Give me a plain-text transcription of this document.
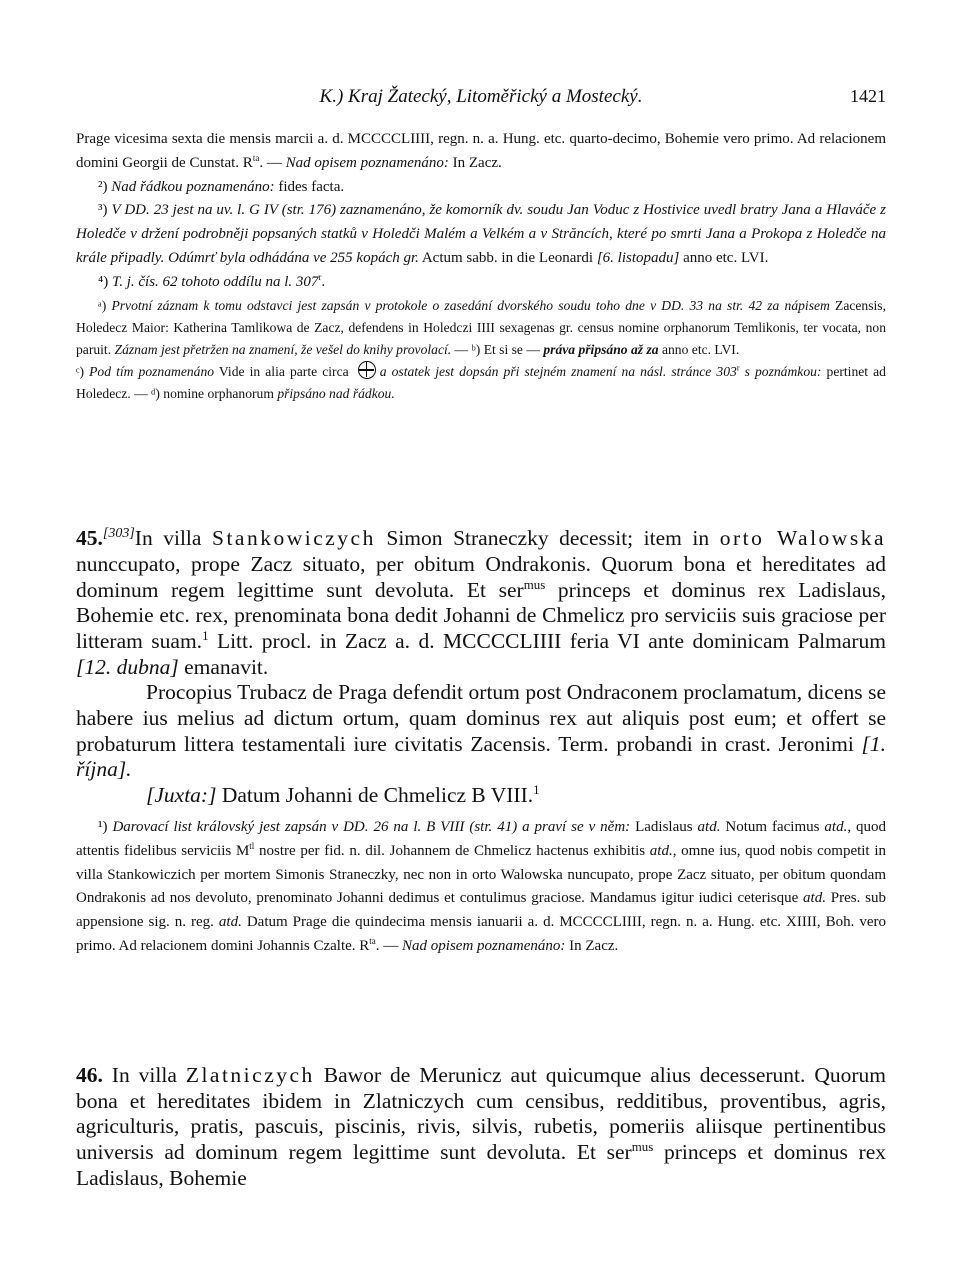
K.) Kraj Žatecký, Litoměřický a Mostecký.	1421

Prage vicesima sexta die mensis marcii a. d. MCCCCLIIII, regn. n. a. Hung. etc. quarto-decimo, Bohemie vero primo. Ad relacionem domini Georgii de Cunstat. $R^{ta}$. — Nad opisem poznamenáno: In Zacz.

²) Nad řádkou poznamenáno: fides facta.

³) V DD. 23 jest na uv. l. G IV (str. 176) zaznamenáno, že komorník dv. soudu Jan Voduc z Hostivice uvedl bratry Jana a Hlaváče z Holedče v držení podrobněji popsaných statků v Holedči Malém a Velkém a v Străncích, které po smrti Jana a Prokopa z Holedče na krále připadly. Odúmrť byla odhádána ve 255 kopách gr. Actum sabb. in die Leonardi [6. listopadu] anno etc. LVI.

⁴) T. j. čís. 62 tohoto oddílu na l. 307$^r$.

ᵃ) Prvotní záznam k tomu odstavci jest zapsán v protokole o zasedání dvorského soudu toho dne v DD. 33 na str. 42 za nápisem Zacensis, Holedecz Maior: Katherina Tamlikowa de Zacz, defendens in Holedczi IIII sexagenas gr. census nomine orphanorum Temlikonis, ter vocata, non paruit. Záznam jest přetržen na znamení, že vešel do knihy provolací. — ᵇ) Et si se — práva připsáno až za anno etc. LVI.

ᶜ) Pod tím poznamenáno Vide in alia parte circa a ostatek jest dopsán při stejném znamení na násl. stránce 303$^r$ s poznámkou: pertinet ad Holedecz. — ᵈ) nomine orphanorum připsáno nad řádkou.

45.[303]In villa Stankowiczych Simon Straneczky decessit; item in orto Walowska nunccupato, prope Zacz situato, per obitum Ondrakonis. Quorum bona et hereditates ad dominum regem legittime sunt devoluta. Et ser$^{mus}$ princeps et dominus rex Ladislaus, Bohemie etc. rex, prenominata bona dedit Johanni de Chmelicz pro serviciis suis graciose per litteram suam.$^1$ Litt. procl. in Zacz a. d. MCCCCLIIII feria VI ante dominicam Palmarum [12. dubna] emanavit.

Procopius Trubacz de Praga defendit ortum post Ondraconem proclamatum, dicens se habere ius melius ad dictum ortum, quam dominus rex aut aliquis post eum; et offert se probaturum littera testamentali iure civitatis Zacensis. Term. probandi in crast. Jeronimi [1. října].

[Juxta:] Datum Johanni de Chmelicz B VIII.$^1$

¹) Darovací list královský jest zapsán v DD. 26 na l. B VIII (str. 41) a praví se v něm: Ladislaus atd. Notum facimus atd., quod attentis fidelibus serviciis $M^{tl}$ nostre per fid. n. dil. Johannem de Chmelicz hactenus exhibitis atd., omne ius, quod nobis competit in villa Stankowiczich per mortem Simonis Straneczky, nec non in orto Walowska nuncupato, prope Zacz situato, per obitum quondam Ondrakonis ad nos devoluto, prenominato Johanni dedimus et contulimus graciose. Mandamus igitur iudici ceterisque atd. Pres. sub appensione sig. n. reg. atd. Datum Prage die quindecima mensis ianuarii a. d. MCCCCLIIII, regn. n. a. Hung. etc. XIIII, Boh. vero primo. Ad relacionem domini Johannis Czalte. $R^{ta}$. — Nad opisem poznamenáno: In Zacz.

46. In villa Zlatniczych Bawor de Merunicz aut quicumque alius decesserunt. Quorum bona et hereditates ibidem in Zlatniczych cum censibus, redditibus, proventibus, agris, agriculturis, pratis, pascuis, piscinis, rivis, silvis, rubetis, pomeriis aliisque pertinentibus universis ad dominum regem legittime sunt devoluta. Et ser$^{mus}$ princeps et dominus rex Ladislaus, Bohemie
